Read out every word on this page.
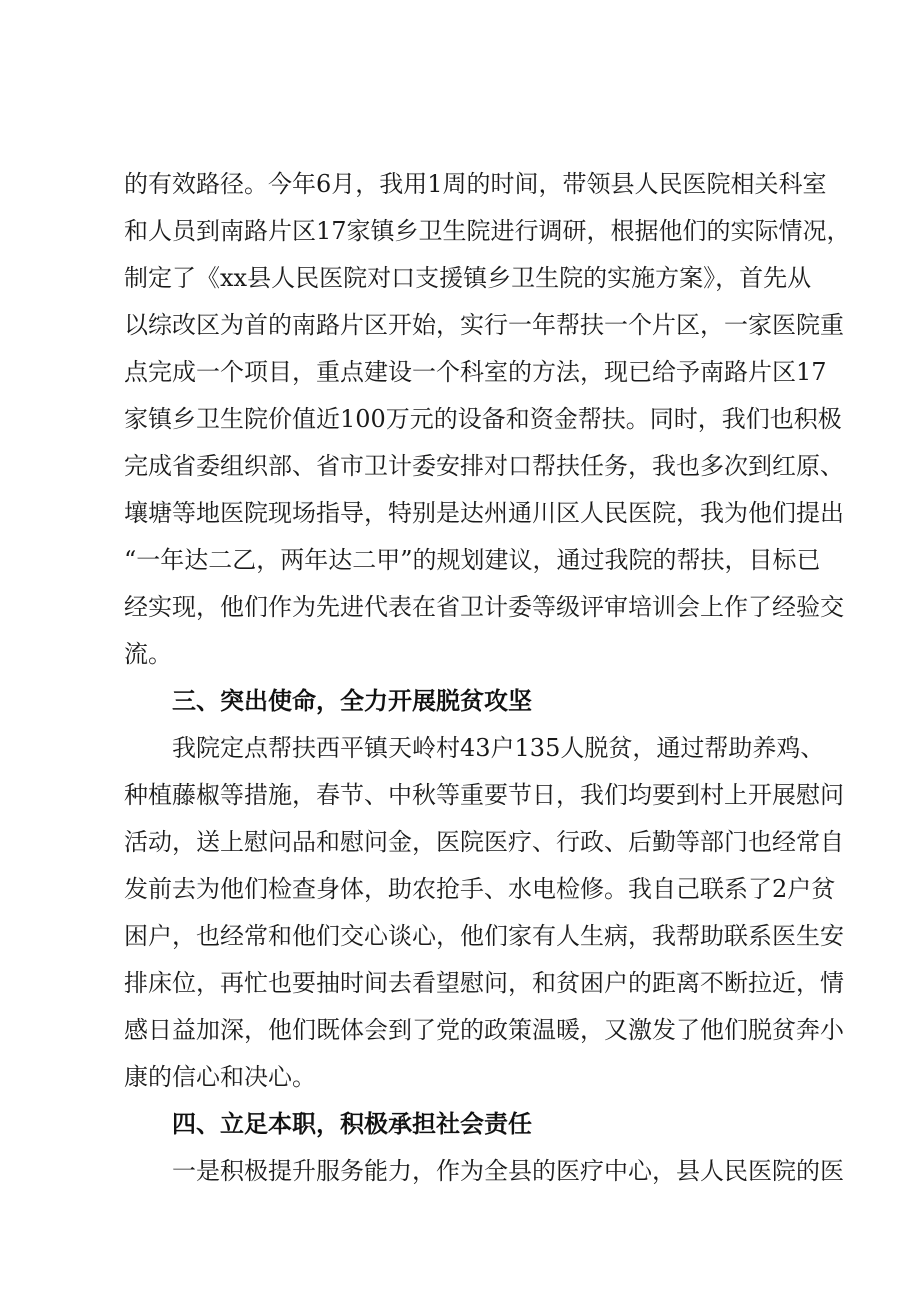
的有效路径。今年6月，我用1周的时间，带领县人民医院相关科室
和人员到南路片区17家镇乡卫生院进行调研，根据他们的实际情况，
制定了《xx县人民医院对口支援镇乡卫生院的实施方案》，首先从
以综改区为首的南路片区开始，实行一年帮扶一个片区，一家医院重
点完成一个项目，重点建设一个科室的方法，现已给予南路片区17
家镇乡卫生院价值近100万元的设备和资金帮扶。同时，我们也积极
完成省委组织部、省市卫计委安排对口帮扶任务，我也多次到红原、
壤塘等地医院现场指导，特别是达州通川区人民医院，我为他们提出
“一年达二乙，两年达二甲”的规划建议，通过我院的帮扶，目标已
经实现，他们作为先进代表在省卫计委等级评审培训会上作了经验交
流。
三、突出使命，全力开展脱贫攻坚
我院定点帮扶西平镇天岭村43户135人脱贫，通过帮助养鸡、
种植藤椒等措施，春节、中秋等重要节日，我们均要到村上开展慰问
活动，送上慰问品和慰问金，医院医疗、行政、后勤等部门也经常自
发前去为他们检查身体，助农抢手、水电检修。我自己联系了2户贫
困户，也经常和他们交心谈心，他们家有人生病，我帮助联系医生安
排床位，再忙也要抽时间去看望慰问，和贫困户的距离不断拉近，情
感日益加深，他们既体会到了党的政策温暖，又激发了他们脱贫奔小
康的信心和决心。
四、立足本职，积极承担社会责任
一是积极提升服务能力，作为全县的医疗中心，县人民医院的医
